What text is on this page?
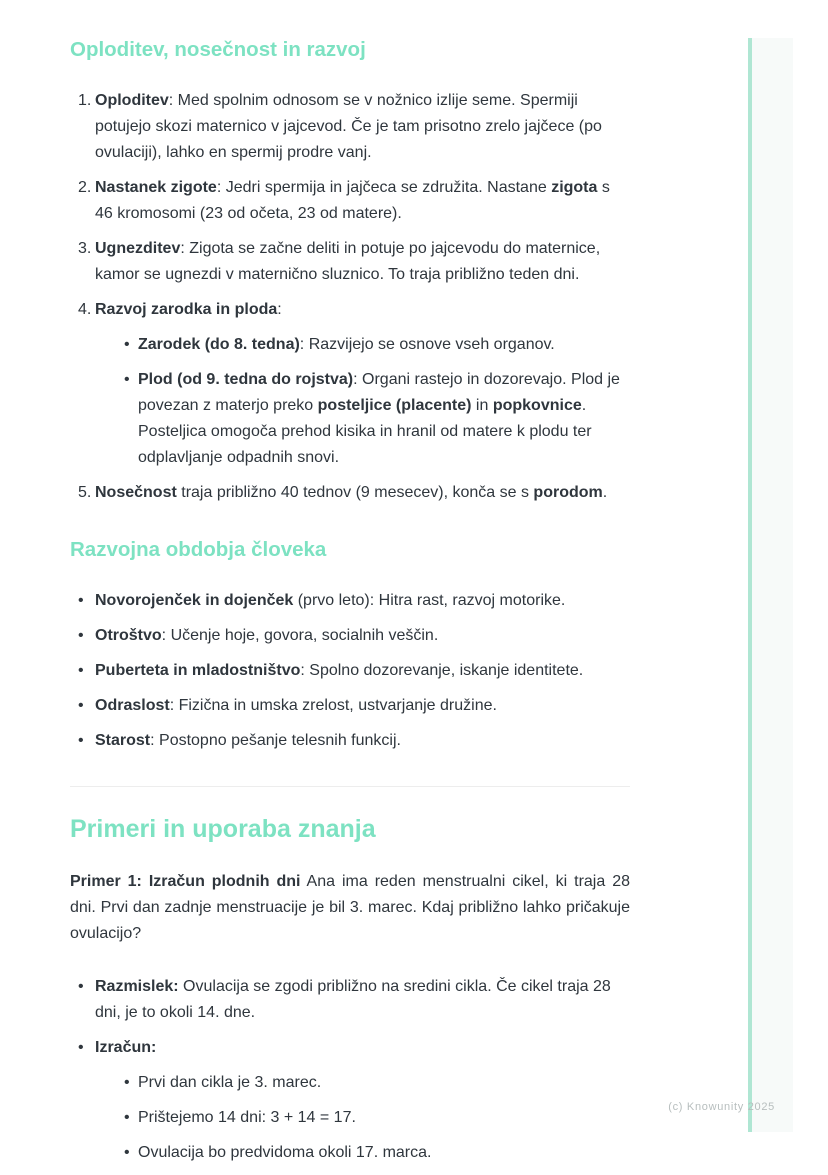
Oploditev, nosečnost in razvoj
1. Oploditev: Med spolnim odnosom se v nožnico izlije seme. Spermiji potujejo skozi maternico v jajcevod. Če je tam prisotno zrelo jajčece (po ovulaciji), lahko en spermij prodre vanj.
2. Nastanek zigote: Jedri spermija in jajčeca se združita. Nastane zigota s 46 kromosomi (23 od očeta, 23 od matere).
3. Ugnezditev: Zigota se začne deliti in potuje po jajcevodu do maternice, kamor se ugnezdi v maternično sluznico. To traja približno teden dni.
4. Razvoj zarodka in ploda:
• Zarodek (do 8. tedna): Razvijejo se osnove vseh organov.
• Plod (od 9. tedna do rojstva): Organi rastejo in dozorevajo. Plod je povezan z materjo preko posteljice (placente) in popkovnice. Posteljica omogoča prehod kisika in hranil od matere k plodu ter odplavljanje odpadnih snovi.
5. Nosečnost traja približno 40 tednov (9 mesecev), konča se s porodom.
Razvojna obdobja človeka
• Novorojenček in dojenček (prvo leto): Hitra rast, razvoj motorike.
• Otroštvo: Učenje hoje, govora, socialnih veščin.
• Puberteta in mladostništvo: Spolno dozorevanje, iskanje identitete.
• Odraslost: Fizična in umska zrelost, ustvarjanje družine.
• Starost: Postopno pešanje telesnih funkcij.
Primeri in uporaba znanja

Primer 1: Izračun plodnih dni Ana ima reden menstrualni cikel, ki traja 28 dni. Prvi dan zadnje menstruacije je bil 3. marec. Kdaj približno lahko pričakuje ovulacijo?

• Razmislek: Ovulacija se zgodi približno na sredini cikla. Če cikel traja 28 dni, je to okoli 14. dne.
• Izračun:
• Prvi dan cikla je 3. marec.
• Prištejemo 14 dni: 3 + 14 = 17.
• Ovulacija bo predvidoma okoli 17. marca.
(c) Knowunity 2025
